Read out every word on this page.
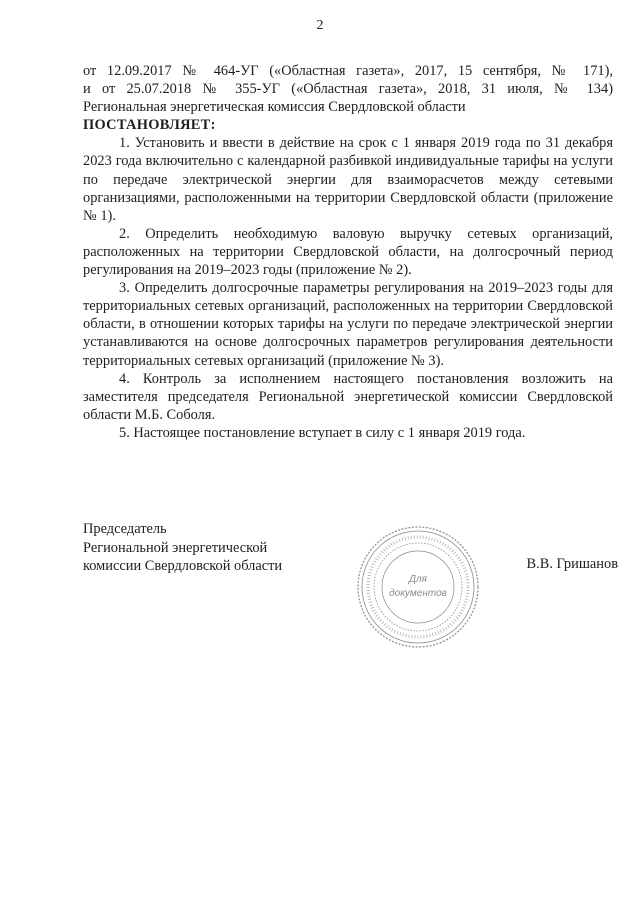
2

от 12.09.2017 № 464-УГ («Областная газета», 2017, 15 сентября, № 171),

и от 25.07.2018 № 355-УГ («Областная газета», 2018, 31 июля, № 134)

Региональная энергетическая комиссия Свердловской области

ПОСТАНОВЛЯЕТ:

1. Установить и ввести в действие на срок с 1 января 2019 года по 31 декабря 2023 года включительно с календарной разбивкой индивидуальные тарифы на услуги по передаче электрической энергии для взаиморасчетов между сетевыми организациями, расположенными на территории Свердловской области (приложение № 1).

2. Определить необходимую валовую выручку сетевых организаций, расположенных на территории Свердловской области, на долгосрочный период регулирования на 2019–2023 годы (приложение № 2).

3. Определить долгосрочные параметры регулирования на 2019–2023 годы для территориальных сетевых организаций, расположенных на территории Свердловской области, в отношении которых тарифы на услуги по передаче электрической энергии устанавливаются на основе долгосрочных параметров регулирования деятельности территориальных сетевых организаций (приложение № 3).

4. Контроль за исполнением настоящего постановления возложить на заместителя председателя Региональной энергетической комиссии Свердловской области М.Б. Соболя.

5. Настоящее постановление вступает в силу с 1 января 2019 года.

Председатель
Региональной энергетической
комиссии Свердловской области	В.В. Гришанов
Для
документов
